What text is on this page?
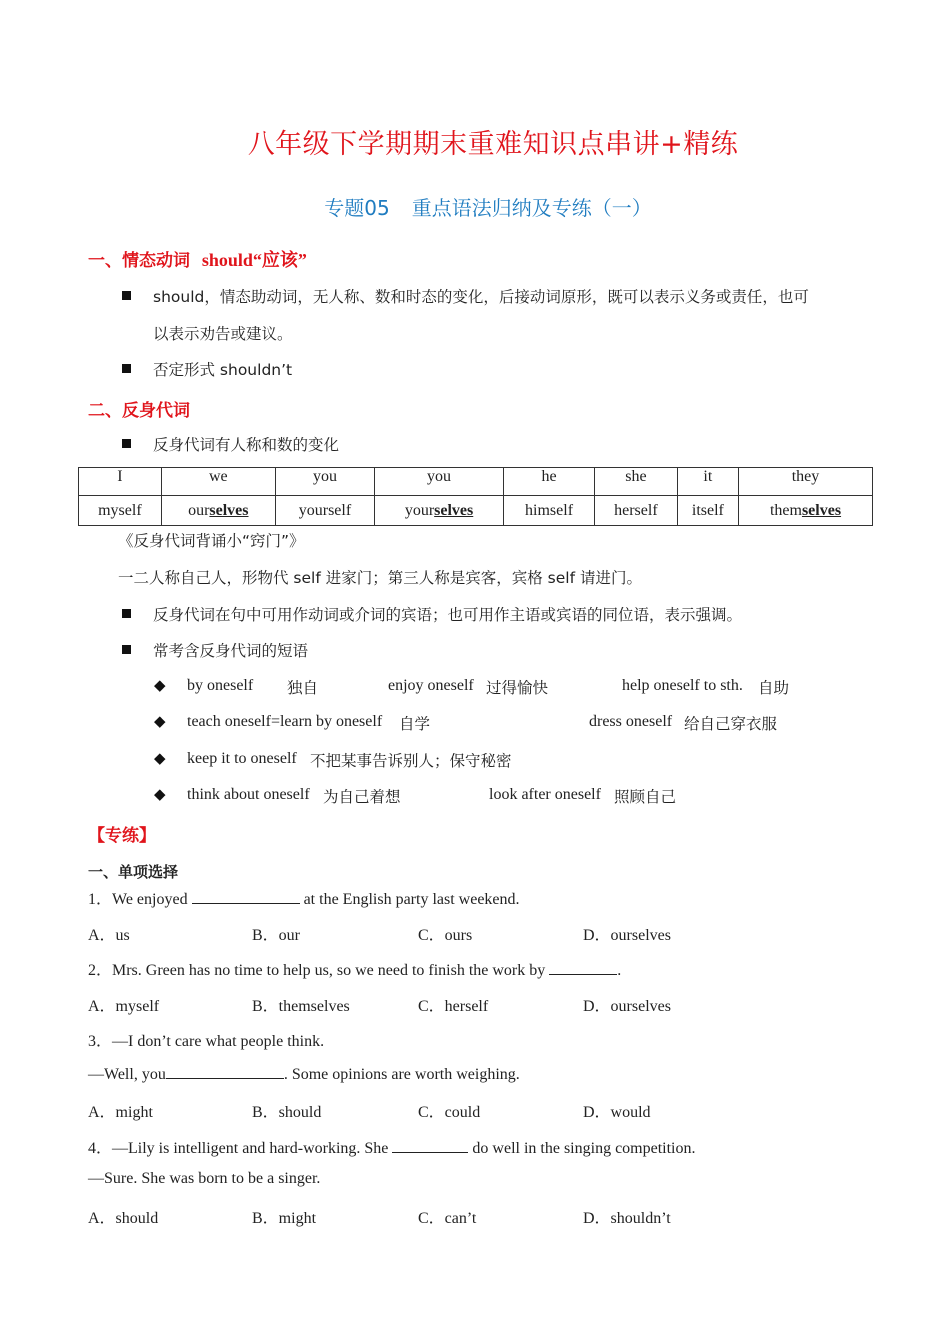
八年级下学期期末重难知识点串讲+精练
专题05 重点语法归纳及专练（一）
一、情态动词 should“应该”
should，情态助动词，无人称、数和时态的变化，后接动词原形，既可以表示义务或责任，也可
以表示劝告或建议。
否定形式 shouldn’t
二、反身代词
反身代词有人称和数的变化
I	we	you	you	he	she	it	they
myself	ourselves	yourself	yourselves	himself	herself	itself	themselves
《反身代词背诵小“窍门”》
一二人称自己人，形物代 self 进家门；第三人称是宾客，宾格 self 请进门。
反身代词在句中可用作动词或介词的宾语；也可用作主语或宾语的同位语，表示强调。
常考含反身代词的短语
◆ by oneself 独自	enjoy oneself 过得愉快	help oneself to sth. 自助
◆ teach oneself=learn by oneself 自学	dress oneself 给自己穿衣服
◆ keep it to oneself 不把某事告诉别人；保守秘密
◆ think about oneself 为自己着想	look after oneself 照顾自己
【专练】
一、单项选择
1．We enjoyed	at the English party last weekend.
A．us	B．our	C．ours	D．ourselves
2．Mrs. Green has no time to help us, so we need to finish the work by	.
A．myself	B．themselves	C．herself	D．ourselves
3．—I don’t care what people think.
—Well, you	. Some opinions are worth weighing.
A．might	B．should	C．could	D．would
4．—Lily is intelligent and hard-working. She	do well in the singing competition.
—Sure. She was born to be a singer.
A．should	B．might	C．can’t	D．shouldn’t
